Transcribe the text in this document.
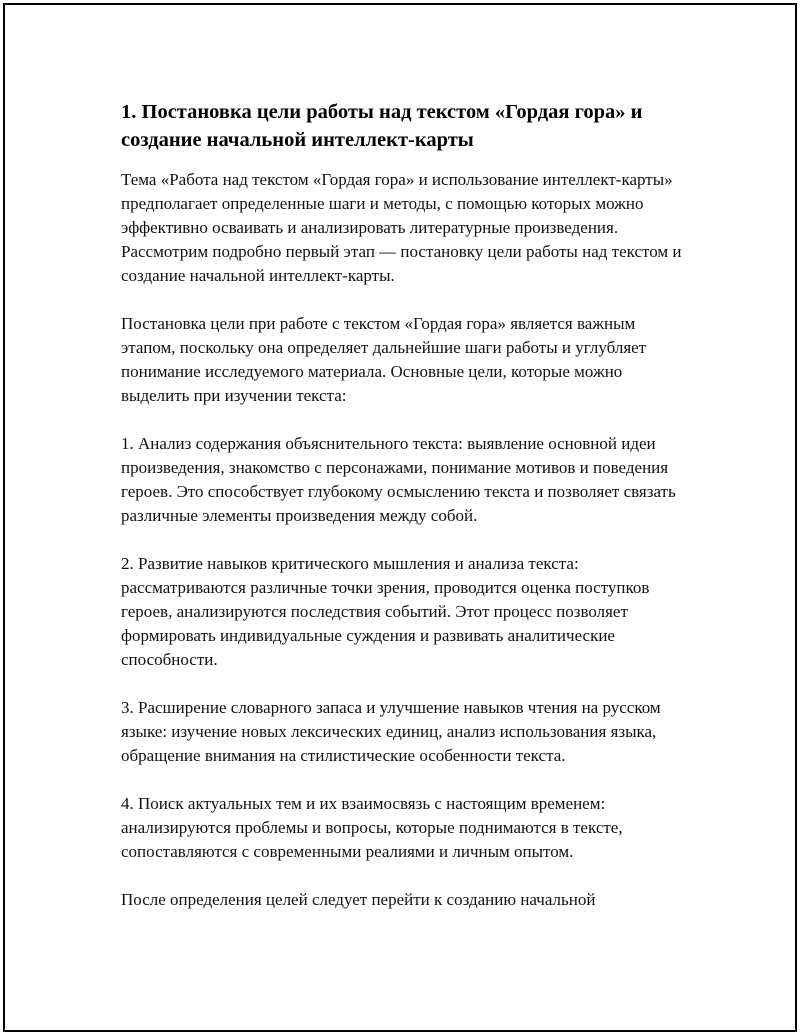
1. Постановка цели работы над текстом «Гордая гора» и создание начальной интеллект-карты

Тема «Работа над текстом «Гордая гора» и использование интеллект-карты» предполагает определенные шаги и методы, с помощью которых можно эффективно осваивать и анализировать литературные произведения. Рассмотрим подробно первый этап — постановку цели работы над текстом и создание начальной интеллект-карты.

Постановка цели при работе с текстом «Гордая гора» является важным этапом, поскольку она определяет дальнейшие шаги работы и углубляет понимание исследуемого материала. Основные цели, которые можно выделить при изучении текста:

1. Анализ содержания объяснительного текста: выявление основной идеи произведения, знакомство с персонажами, понимание мотивов и поведения героев. Это способствует глубокому осмыслению текста и позволяет связать различные элементы произведения между собой.

2. Развитие навыков критического мышления и анализа текста: рассматриваются различные точки зрения, проводится оценка поступков героев, анализируются последствия событий. Этот процесс позволяет формировать индивидуальные суждения и развивать аналитические способности.

3. Расширение словарного запаса и улучшение навыков чтения на русском языке: изучение новых лексических единиц, анализ использования языка, обращение внимания на стилистические особенности текста.

4. Поиск актуальных тем и их взаимосвязь с настоящим временем: анализируются проблемы и вопросы, которые поднимаются в тексте, сопоставляются с современными реалиями и личным опытом.

После определения целей следует перейти к созданию начальной
